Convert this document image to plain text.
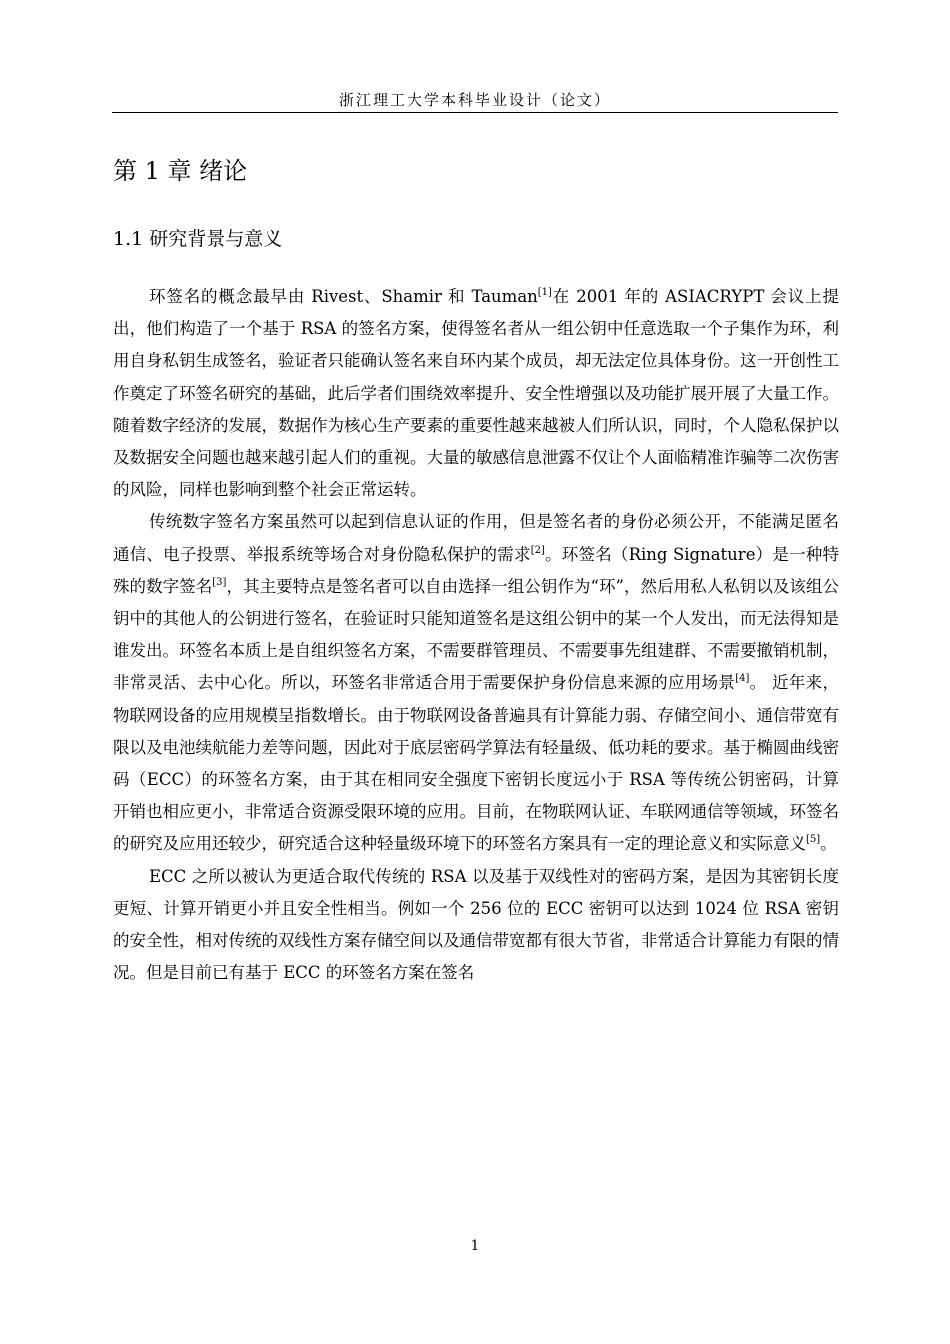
浙江理工大学本科毕业设计（论文）
第 1 章 绪论
1.1 研究背景与意义

环签名的概念最早由 Rivest、Shamir 和 Tauman[1]在 2001 年的 ASIACRYPT 会议上提出，他们构造了一个基于 RSA 的签名方案，使得签名者从一组公钥中任意选取一个子集作为环，利用自身私钥生成签名，验证者只能确认签名来自环内某个成员，却无法定位具体身份。这一开创性工作奠定了环签名研究的基础，此后学者们围绕效率提升、安全性增强以及功能扩展开展了大量工作。随着数字经济的发展，数据作为核心生产要素的重要性越来越被人们所认识，同时，个人隐私保护以及数据安全问题也越来越引起人们的重视。大量的敏感信息泄露不仅让个人面临精准诈骗等二次伤害的风险，同样也影响到整个社会正常运转。

传统数字签名方案虽然可以起到信息认证的作用，但是签名者的身份必须公开，不能满足匿名通信、电子投票、举报系统等场合对身份隐私保护的需求[2]。环签名（Ring Signature）是一种特殊的数字签名[3]，其主要特点是签名者可以自由选择一组公钥作为“环”，然后用私人私钥以及该组公钥中的其他人的公钥进行签名，在验证时只能知道签名是这组公钥中的某一个人发出，而无法得知是谁发出。环签名本质上是自组织签名方案，不需要群管理员、不需要事先组建群、不需要撤销机制，非常灵活、去中心化。所以，环签名非常适合用于需要保护身份信息来源的应用场景[4]。 近年来，物联网设备的应用规模呈指数增长。由于物联网设备普遍具有计算能力弱、存储空间小、通信带宽有限以及电池续航能力差等问题，因此对于底层密码学算法有轻量级、低功耗的要求。基于椭圆曲线密码（ECC）的环签名方案，由于其在相同安全强度下密钥长度远小于 RSA 等传统公钥密码，计算开销也相应更小，非常适合资源受限环境的应用。目前，在物联网认证、车联网通信等领域，环签名的研究及应用还较少，研究适合这种轻量级环境下的环签名方案具有一定的理论意义和实际意义[5]。

ECC 之所以被认为更适合取代传统的 RSA 以及基于双线性对的密码方案，是因为其密钥长度更短、计算开销更小并且安全性相当。例如一个 256 位的 ECC 密钥可以达到 1024 位 RSA 密钥的安全性，相对传统的双线性方案存储空间以及通信带宽都有很大节省，非常适合计算能力有限的情况。但是目前已有基于 ECC 的环签名方案在签名

1
